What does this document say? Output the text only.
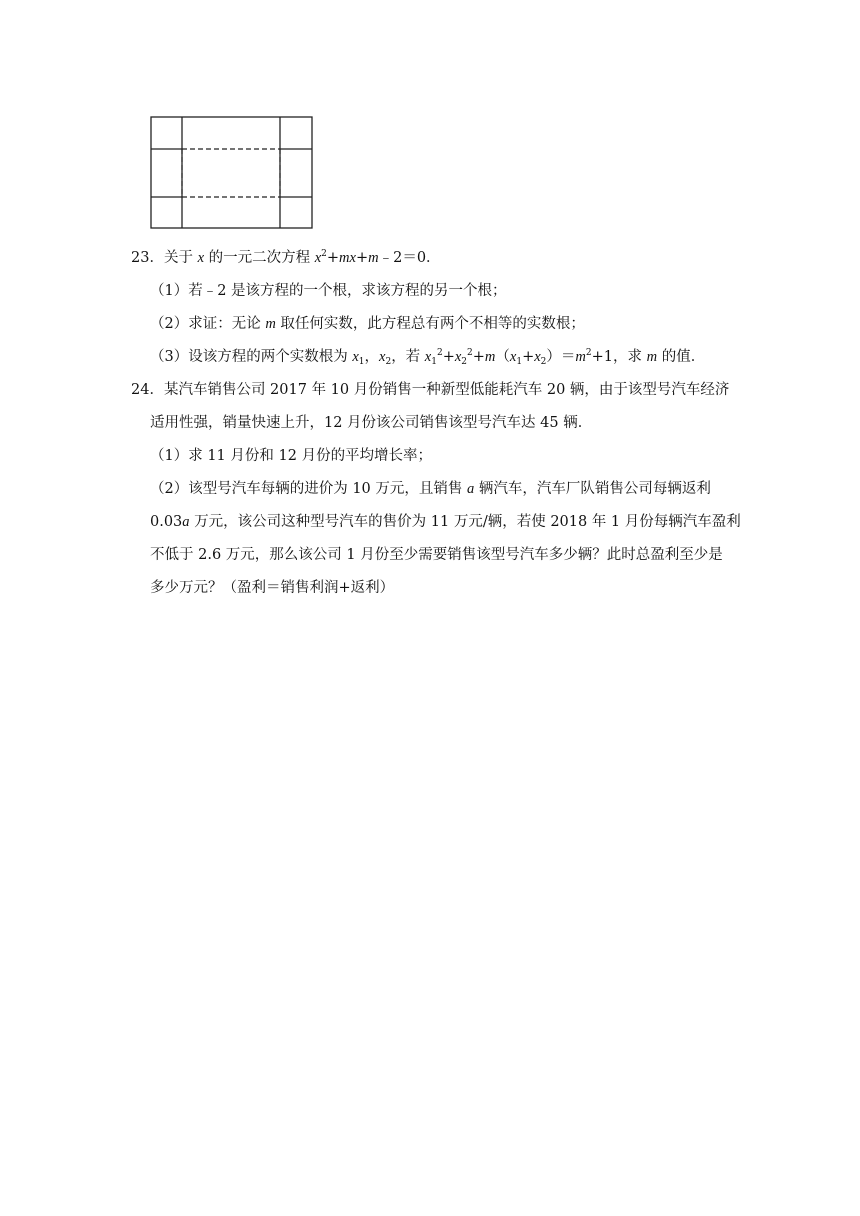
23．关于 x 的一元二次方程 $x^2+mx+m﹣2=0$．
（1）若﹣2 是该方程的一个根，求该方程的另一个根；
（2）求证：无论 m 取任何实数，此方程总有两个不相等的实数根；
（3）设该方程的两个实数根为 $x_1$，$x_2$，若 $x_1^2+x_2^2+m(x_1+x_2)=m^2+1$，求 m 的值．
24．某汽车销售公司 2017 年 10 月份销售一种新型低能耗汽车 20 辆，由于该型号汽车经济
适用性强，销量快速上升，12 月份该公司销售该型号汽车达 45 辆．
（1）求 11 月份和 12 月份的平均增长率；
（2）该型号汽车每辆的进价为 10 万元，且销售 a 辆汽车，汽车厂队销售公司每辆返利
0.03a 万元，该公司这种型号汽车的售价为 11 万元/辆，若使 2018 年 1 月份每辆汽车盈利
不低于 2.6 万元，那么该公司 1 月份至少需要销售该型号汽车多少辆？此时总盈利至少是
多少万元？（盈利＝销售利润+返利）
